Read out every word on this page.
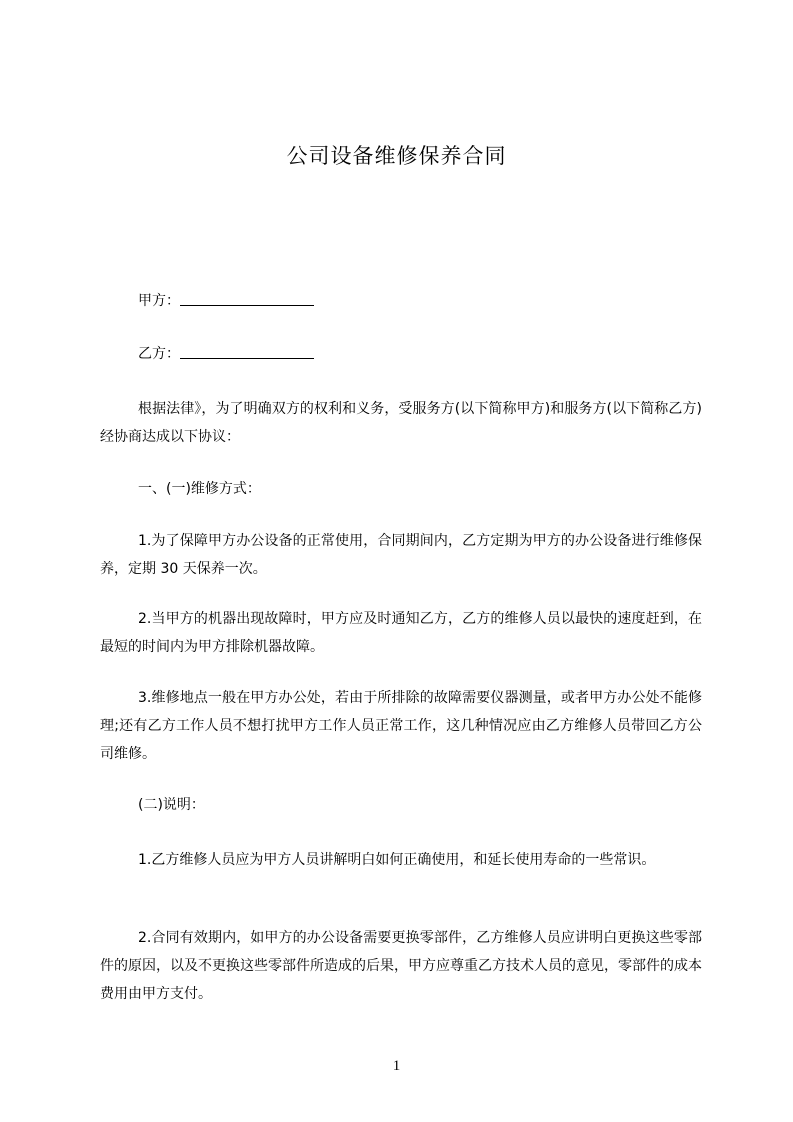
公司设备维修保养合同
甲方：
乙方：
根据法律》，为了明确双方的权利和义务，受服务方(以下简称甲方)和服务方(以下简称乙方)经协商达成以下协议：
一、(一)维修方式：
1.为了保障甲方办公设备的正常使用，合同期间内，乙方定期为甲方的办公设备进行维修保养，定期 30 天保养一次。
2.当甲方的机器出现故障时，甲方应及时通知乙方，乙方的维修人员以最快的速度赶到，在最短的时间内为甲方排除机器故障。
3.维修地点一般在甲方办公处，若由于所排除的故障需要仪器测量，或者甲方办公处不能修理;还有乙方工作人员不想打扰甲方工作人员正常工作，这几种情况应由乙方维修人员带回乙方公司维修。
(二)说明：
1.乙方维修人员应为甲方人员讲解明白如何正确使用，和延长使用寿命的一些常识。
2.合同有效期内，如甲方的办公设备需要更换零部件，乙方维修人员应讲明白更换这些零部件的原因，以及不更换这些零部件所造成的后果，甲方应尊重乙方技术人员的意见，零部件的成本费用由甲方支付。
1
